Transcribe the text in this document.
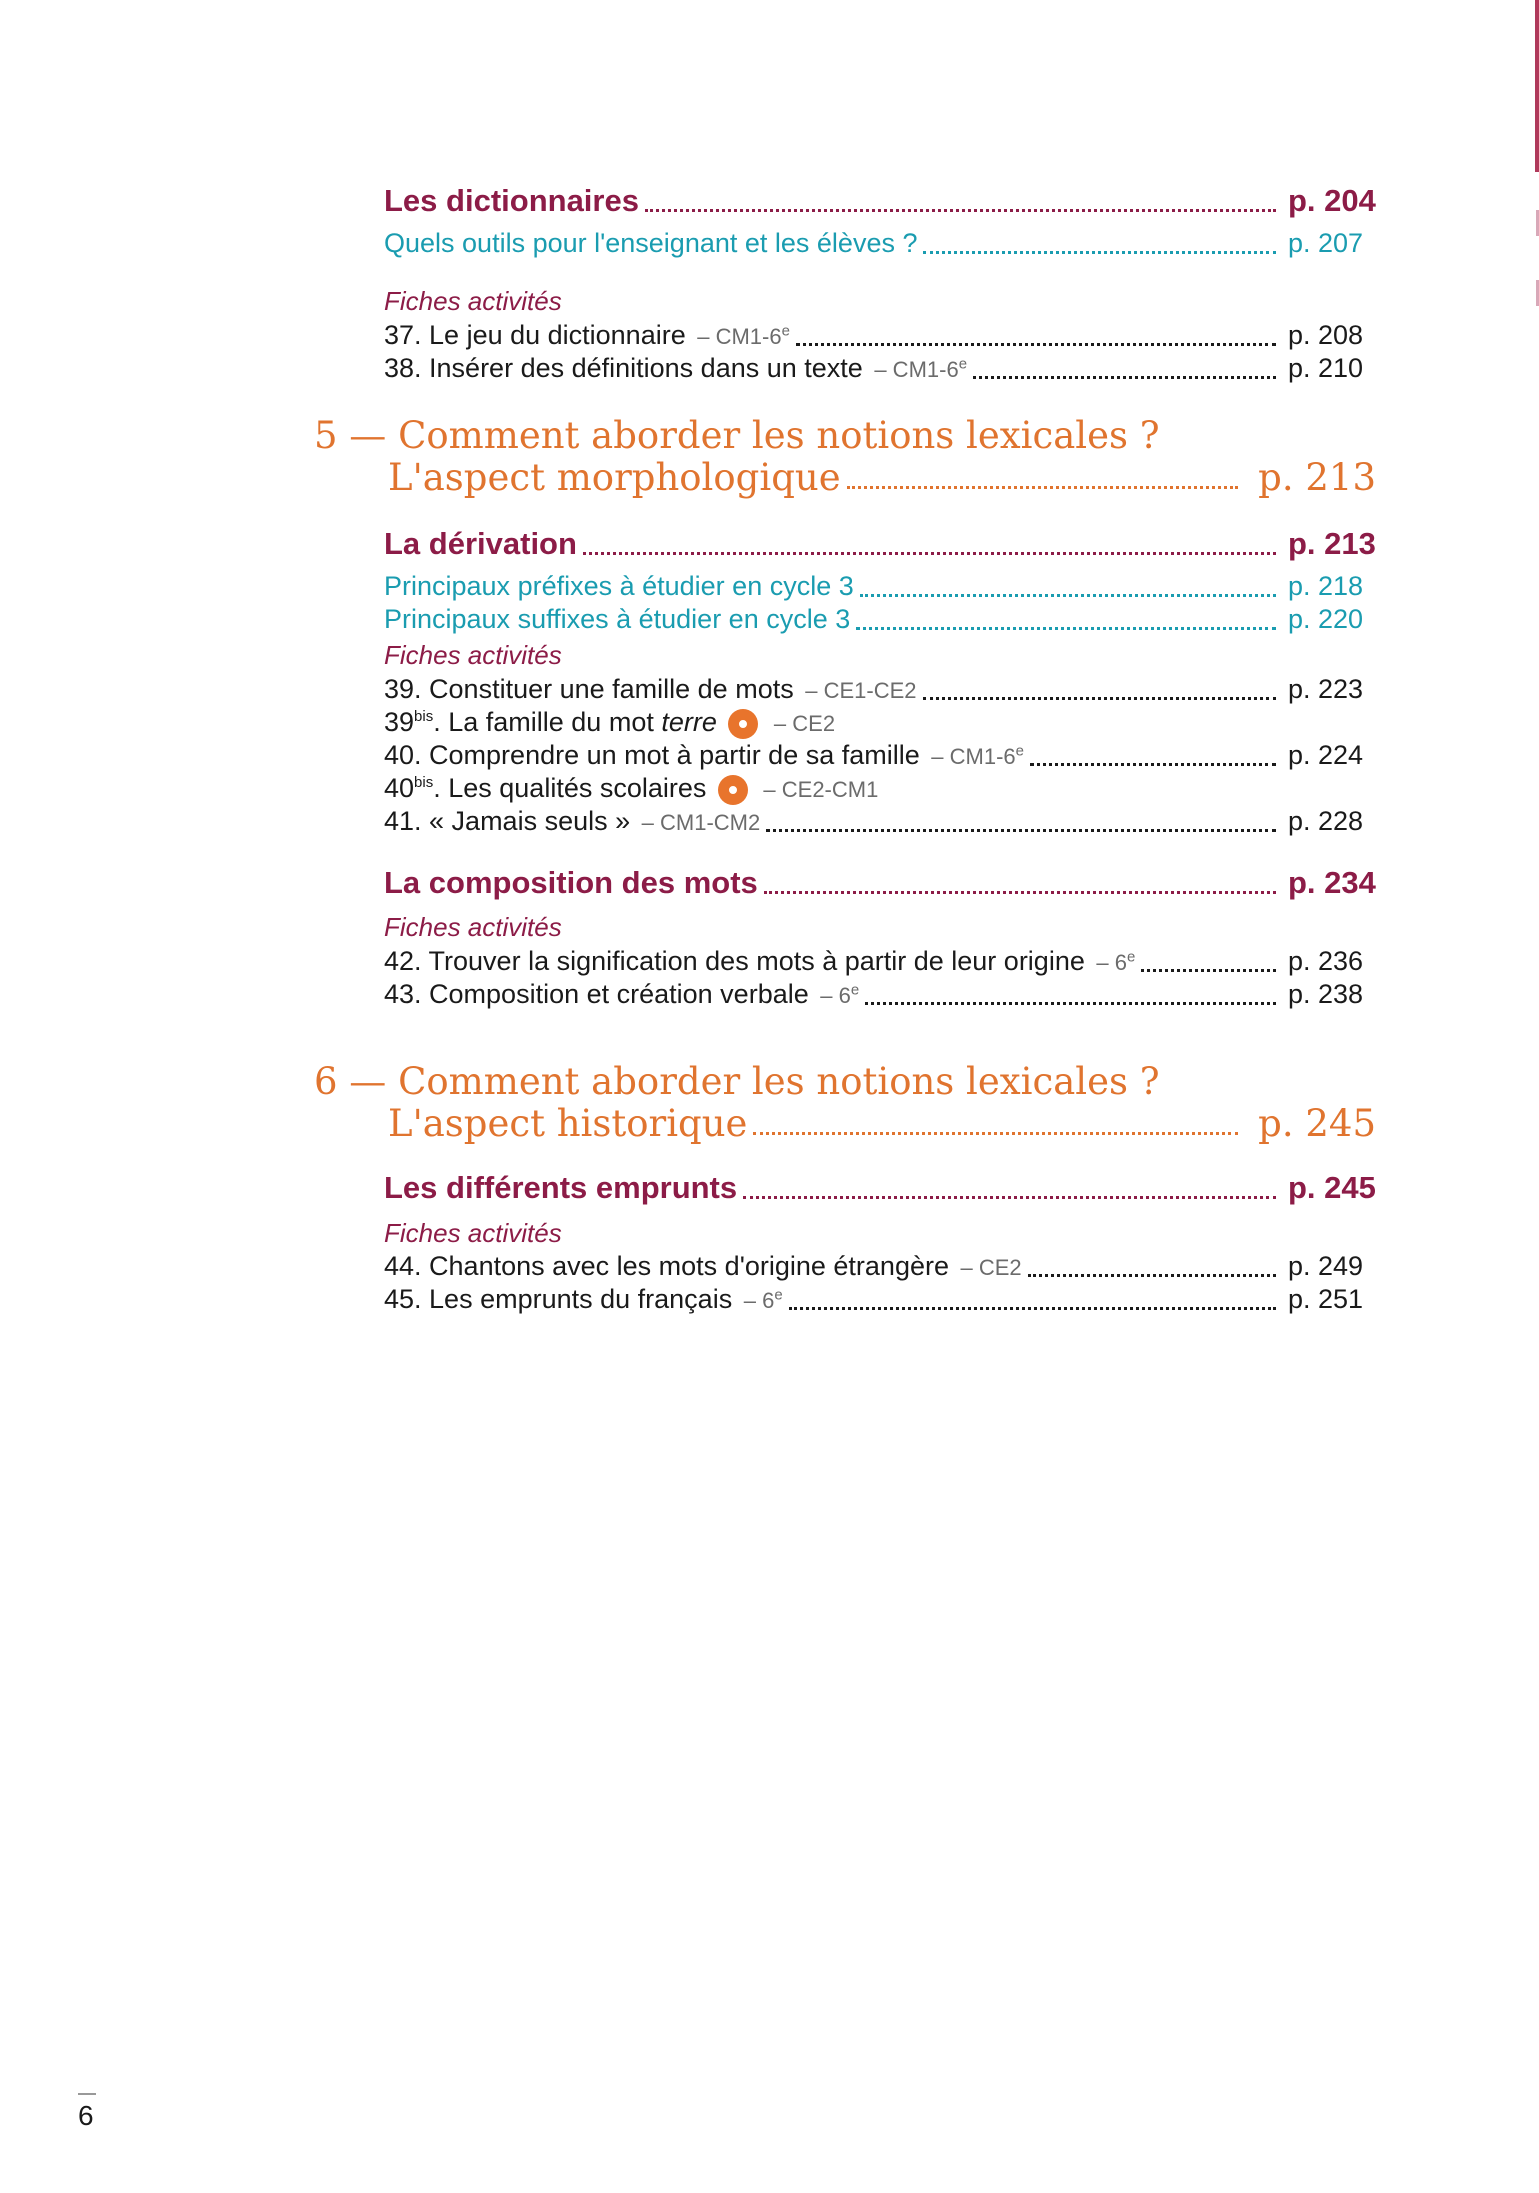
Les dictionnaires	p. 204
Quels outils pour l'enseignant et les élèves ?	p. 207
Fiches activités
37. Le jeu du dictionnaire – CM1-6e	p. 208
38. Insérer des définitions dans un texte – CM1-6e	p. 210
5 — Comment aborder les notions lexicales ?
L'aspect morphologique	p. 213
La dérivation	p. 213
Principaux préfixes à étudier en cycle 3	p. 218
Principaux suffixes à étudier en cycle 3	p. 220
Fiches activités
39. Constituer une famille de mots – CE1-CE2	p. 223
$39^{bis}$. La famille du mot terre	– CE2
40. Comprendre un mot à partir de sa famille – CM1-6e	p. 224
$40^{bis}$. Les qualités scolaires	– CE2-CM1
41. « Jamais seuls » – CM1-CM2	p. 228
La composition des mots	p. 234
Fiches activités
42. Trouver la signification des mots à partir de leur origine – 6e	p. 236
43. Composition et création verbale – 6e	p. 238
6 — Comment aborder les notions lexicales ?
L'aspect historique	p. 245
Les différents emprunts	p. 245
Fiches activités
44. Chantons avec les mots d'origine étrangère – CE2	p. 249
45. Les emprunts du français – 6e	p. 251
6
